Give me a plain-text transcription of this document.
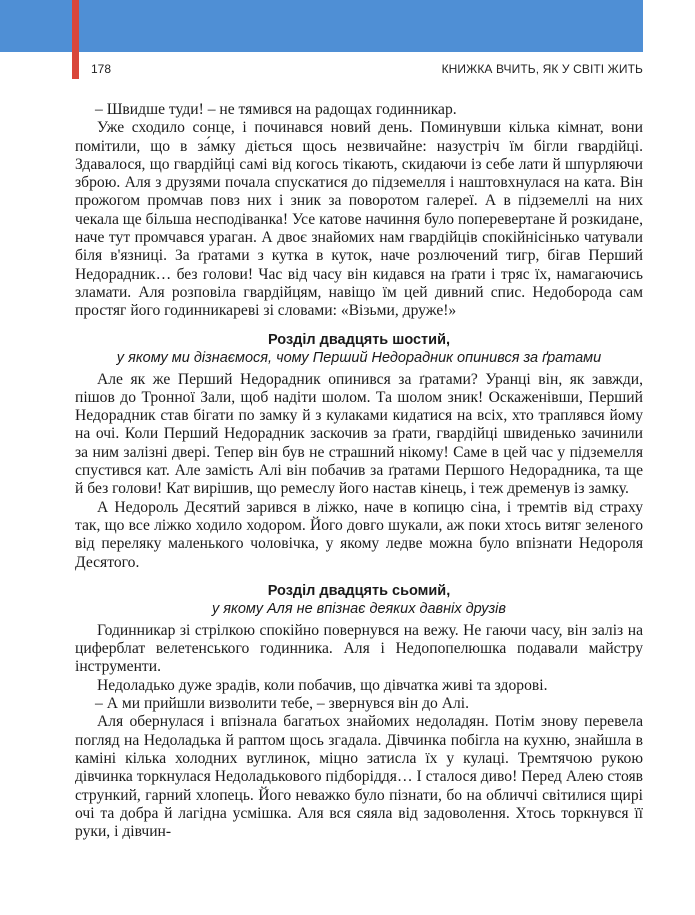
178	КНИЖКА ВЧИТЬ, ЯК У СВІТІ ЖИТЬ

– Швидше туди! – не тямився на радощах годинникар.

Уже сходило сонце, і починався новий день. Поминувши кілька кімнат, вони помітили, що в за́мку діється щось незвичайне: назустріч їм бігли гвардійці. Здавалося, що гвардійці самі від когось тікають, скидаючи із себе лати й шпурляючи зброю. Аля з друзями почала спускатися до підземелля і наштовхнулася на ката. Він прожогом промчав повз них і зник за поворотом галереї. А в підземеллі на них чекала ще більша несподіванка! Усе катове начиння було поперевертане й розкидане, наче тут промчався ураган. А двоє знайомих нам гвардійців спокійнісінько чатували біля в'язниці. За ґратами з кутка в куток, наче розлючений тигр, бігав Перший Недорадник… без голови! Час від часу він кидався на ґрати і тряс їх, намагаючись зламати. Аля розповіла гвардійцям, навіщо їм цей дивний спис. Недоборода сам простяг його годинникареві зі словами: «Візьми, друже!»

Розділ двадцять шостий,
у якому ми дізнаємося, чому Перший Недорадник опинився за ґратами

Але як же Перший Недорадник опинився за ґратами? Уранці він, як завжди, пішов до Тронної Зали, щоб надіти шолом. Та шолом зник! Оскаженівши, Перший Недорадник став бігати по замку й з кулаками кидатися на всіх, хто траплявся йому на очі. Коли Перший Недорадник заскочив за ґрати, гвардійці швиденько зачинили за ним залізні двері. Тепер він був не страшний нікому! Саме в цей час у підземелля спустився кат. Але замість Алі він побачив за ґратами Першого Недорадника, та ще й без голови! Кат вирішив, що ремеслу його настав кінець, і теж дременув із замку.

А Недороль Десятий зарився в ліжко, наче в копицю сіна, і тремтів від страху так, що все ліжко ходило ходором. Його довго шукали, аж поки хтось витяг зеленого від переляку маленького чоловічка, у якому ледве можна було впізнати Недороля Десятого.

Розділ двадцять сьомий,
у якому Аля не впізнає деяких давніх друзів

Годинникар зі стрілкою спокійно повернувся на вежу. Не гаючи часу, він заліз на циферблат велетенського годинника. Аля і Недопопелюшка подавали майстру інструменти.

Недоладько дуже зрадів, коли побачив, що дівчатка живі та здорові.

– А ми прийшли визволити тебе, – звернувся він до Алі.

Аля обернулася і впізнала багатьох знайомих недоладян. Потім знову перевела погляд на Недоладька й раптом щось згадала. Дівчинка побігла на кухню, знайшла в каміні кілька холодних вуглинок, міцно затисла їх у кулаці. Тремтячою рукою дівчинка торкнулася Недоладькового підборіддя… І сталося диво! Перед Алею стояв стрункий, гарний хлопець. Його неважко було пізнати, бо на обличчі світилися щирі очі та добра й лагідна усмішка. Аля вся сяяла від задоволення. Хтось торкнувся її руки, і дівчин-
